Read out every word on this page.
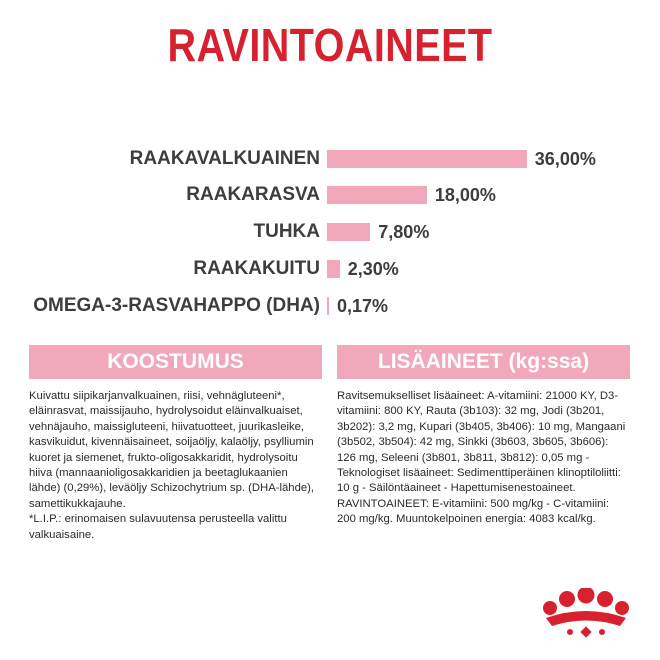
RAVINTOAINEET
RAAKAVALKUAINEN	36,00%
RAAKARASVA	18,00%
TUHKA	7,80%
RAAKAKUITU 2,30%
OMEGA-3-RASVAHAPPO (DHA) 0,17%
KOOSTUMUS
Kuivattu siipikarjanvalkuainen, riisi, vehnägluteeni*, eläinrasvat, maissijauho, hydrolysoidut eläinvalkuaiset, vehnäjauho, maissigluteeni, hiivatuotteet, juurikasleike, kasvikuidut, kivennäisaineet, soijaöljy, kalaöljy, psylliumin kuoret ja siemenet, frukto-oligosakkaridit, hydrolysoitu hiiva (mannaanioligosakkaridien ja beetaglukaanien lähde) (0,29%), leväöljy Schizochytrium sp. (DHA-lähde), samettikukkajauhe.
*L.I.P.: erinomaisen sulavuutensa perusteella valittu valkuaisaine.
LISÄAINEET (kg:ssa)
Ravitsemukselliset lisäaineet: A-vitamiini: 21000 KY, D3-vitamiini: 800 KY, Rauta (3b103): 32 mg, Jodi (3b201, 3b202): 3,2 mg, Kupari (3b405, 3b406): 10 mg, Mangaani (3b502, 3b504): 42 mg, Sinkki (3b603, 3b605, 3b606): 126 mg, Seleeni (3b801, 3b811, 3b812): 0,05 mg - Teknologiset lisäaineet: Sedimenttiperäinen klinoptiloliitti: 10 g - Säilöntäaineet - Hapettumisenestoaineet.
RAVINTOAINEET: E-vitamiini: 500 mg/kg - C-vitamiini: 200 mg/kg. Muuntokelpoinen energia: 4083 kcal/kg.
